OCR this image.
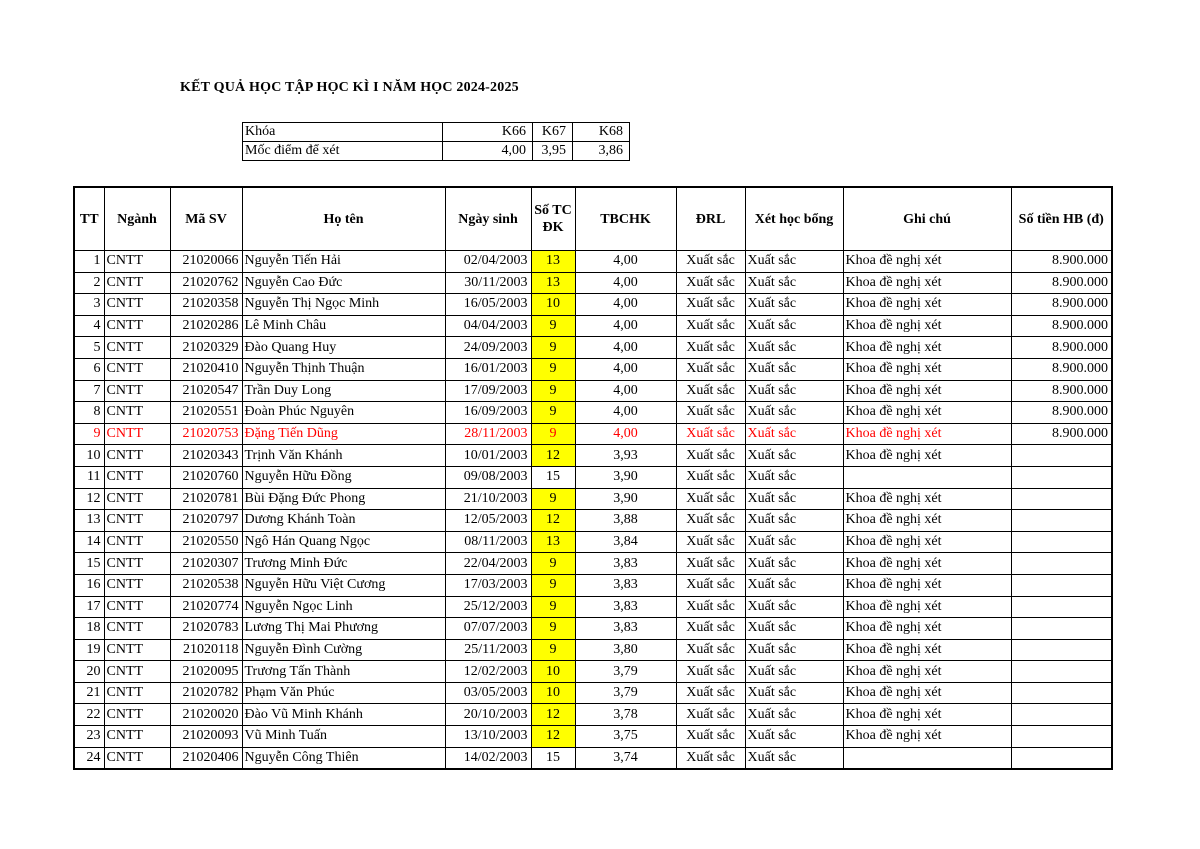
KẾT QUẢ HỌC TẬP HỌC KÌ I NĂM HỌC 2024-2025
Khóa	K66	K67	K68
Mốc điểm để xét	4,00	3,95	3,86
TT	Ngành	Mã SV	Họ tên	Ngày sinh	Số TC ĐK	TBCHK	ĐRL	Xét học bổng	Ghi chú	Số tiền HB (đ)
1	CNTT	21020066	Nguyễn Tiến Hải	02/04/2003	13	4,00	Xuất sắc	Xuất sắc	Khoa đề nghị xét	8.900.000
2	CNTT	21020762	Nguyễn Cao Đức	30/11/2003	13	4,00	Xuất sắc	Xuất sắc	Khoa đề nghị xét	8.900.000
3	CNTT	21020358	Nguyễn Thị Ngọc Minh	16/05/2003	10	4,00	Xuất sắc	Xuất sắc	Khoa đề nghị xét	8.900.000
4	CNTT	21020286	Lê Minh Châu	04/04/2003	9	4,00	Xuất sắc	Xuất sắc	Khoa đề nghị xét	8.900.000
5	CNTT	21020329	Đào Quang Huy	24/09/2003	9	4,00	Xuất sắc	Xuất sắc	Khoa đề nghị xét	8.900.000
6	CNTT	21020410	Nguyễn Thịnh Thuận	16/01/2003	9	4,00	Xuất sắc	Xuất sắc	Khoa đề nghị xét	8.900.000
7	CNTT	21020547	Trần Duy Long	17/09/2003	9	4,00	Xuất sắc	Xuất sắc	Khoa đề nghị xét	8.900.000
8	CNTT	21020551	Đoàn Phúc Nguyên	16/09/2003	9	4,00	Xuất sắc	Xuất sắc	Khoa đề nghị xét	8.900.000
9	CNTT	21020753	Đặng Tiến Dũng	28/11/2003	9	4,00	Xuất sắc	Xuất sắc	Khoa đề nghị xét	8.900.000
10	CNTT	21020343	Trịnh Văn Khánh	10/01/2003	12	3,93	Xuất sắc	Xuất sắc	Khoa đề nghị xét	
11	CNTT	21020760	Nguyễn Hữu Đồng	09/08/2003	15	3,90	Xuất sắc	Xuất sắc		
12	CNTT	21020781	Bùi Đặng Đức Phong	21/10/2003	9	3,90	Xuất sắc	Xuất sắc	Khoa đề nghị xét	
13	CNTT	21020797	Dương Khánh Toàn	12/05/2003	12	3,88	Xuất sắc	Xuất sắc	Khoa đề nghị xét	
14	CNTT	21020550	Ngô Hán Quang Ngọc	08/11/2003	13	3,84	Xuất sắc	Xuất sắc	Khoa đề nghị xét	
15	CNTT	21020307	Trương Minh Đức	22/04/2003	9	3,83	Xuất sắc	Xuất sắc	Khoa đề nghị xét	
16	CNTT	21020538	Nguyễn Hữu Việt Cương	17/03/2003	9	3,83	Xuất sắc	Xuất sắc	Khoa đề nghị xét	
17	CNTT	21020774	Nguyễn Ngọc Linh	25/12/2003	9	3,83	Xuất sắc	Xuất sắc	Khoa đề nghị xét	
18	CNTT	21020783	Lương Thị Mai Phương	07/07/2003	9	3,83	Xuất sắc	Xuất sắc	Khoa đề nghị xét	
19	CNTT	21020118	Nguyễn Đình Cường	25/11/2003	9	3,80	Xuất sắc	Xuất sắc	Khoa đề nghị xét	
20	CNTT	21020095	Trương Tấn Thành	12/02/2003	10	3,79	Xuất sắc	Xuất sắc	Khoa đề nghị xét	
21	CNTT	21020782	Phạm Văn Phúc	03/05/2003	10	3,79	Xuất sắc	Xuất sắc	Khoa đề nghị xét	
22	CNTT	21020020	Đào Vũ Minh Khánh	20/10/2003	12	3,78	Xuất sắc	Xuất sắc	Khoa đề nghị xét	
23	CNTT	21020093	Vũ Minh Tuấn	13/10/2003	12	3,75	Xuất sắc	Xuất sắc	Khoa đề nghị xét	
24	CNTT	21020406	Nguyễn Công Thiên	14/02/2003	15	3,74	Xuất sắc	Xuất sắc		
